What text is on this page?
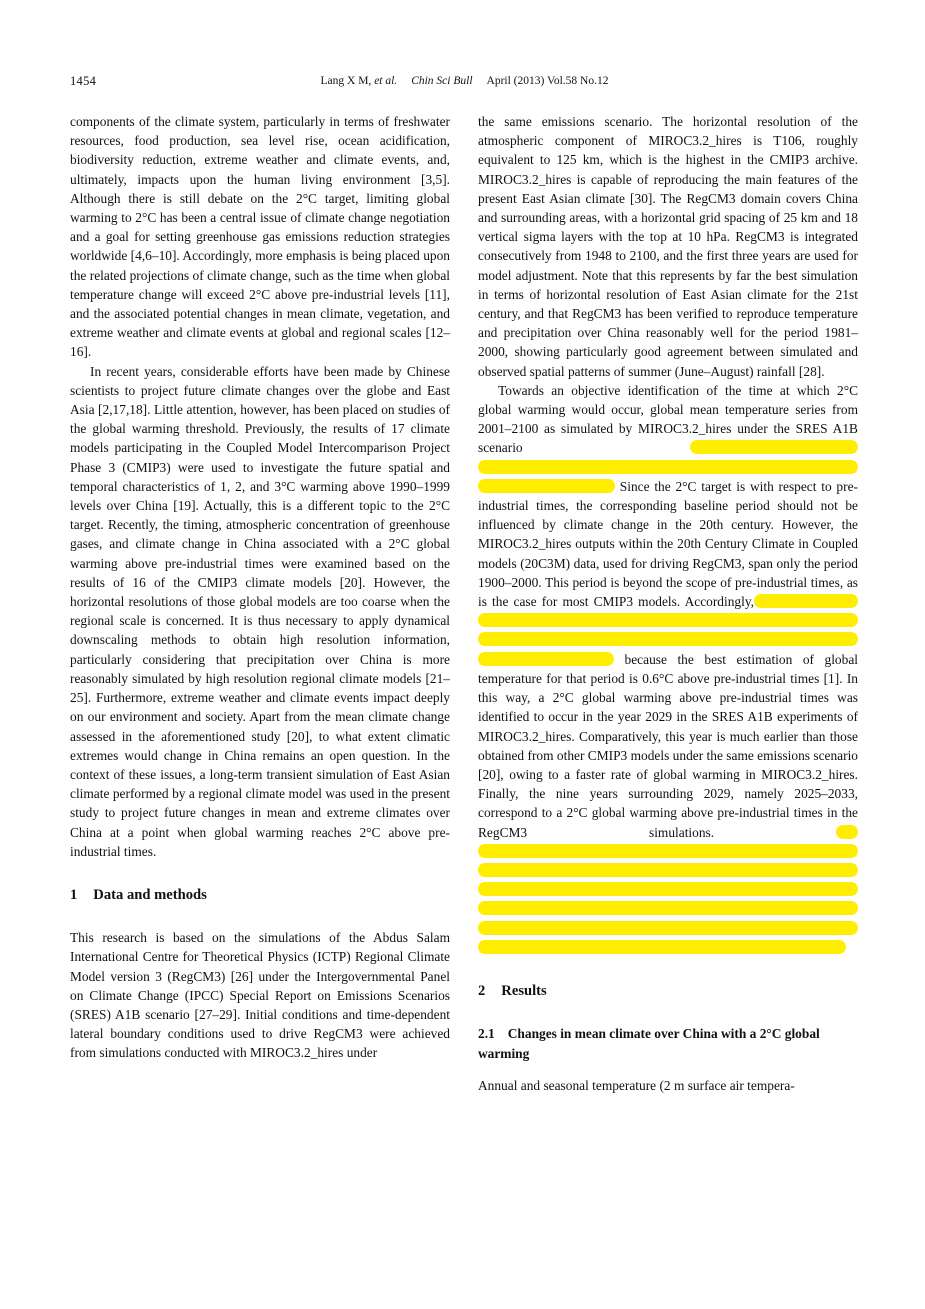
1454	Lang X M, et al. Chin Sci Bull April (2013) Vol.58 No.12

components of the climate system, particularly in terms of freshwater resources, food production, sea level rise, ocean acidification, biodiversity reduction, extreme weather and climate events, and, ultimately, impacts upon the human living environment [3,5]. Although there is still debate on the 2°C target, limiting global warming to 2°C has been a central issue of climate change negotiation and a goal for setting greenhouse gas emissions reduction strategies worldwide [4,6–10]. Accordingly, more emphasis is being placed upon the related projections of climate change, such as the time when global temperature change will exceed 2°C above pre-industrial levels [11], and the associated potential changes in mean climate, vegetation, and extreme weather and climate events at global and regional scales [12–16].

In recent years, considerable efforts have been made by Chinese scientists to project future climate changes over the globe and East Asia [2,17,18]. Little attention, however, has been placed on studies of the global warming threshold. Previously, the results of 17 climate models participating in the Coupled Model Intercomparison Project Phase 3 (CMIP3) were used to investigate the future spatial and temporal characteristics of 1, 2, and 3°C warming above 1990–1999 levels over China [19]. Actually, this is a different topic to the 2°C target. Recently, the timing, atmospheric concentration of greenhouse gases, and climate change in China associated with a 2°C global warming above pre-industrial times were examined based on the results of 16 of the CMIP3 climate models [20]. However, the horizontal resolutions of those global models are too coarse when the regional scale is concerned. It is thus necessary to apply dynamical downscaling methods to obtain high resolution information, particularly considering that precipitation over China is more reasonably simulated by high resolution regional climate models [21–25]. Furthermore, extreme weather and climate events impact deeply on our environment and society. Apart from the mean climate change assessed in the aforementioned study [20], to what extent climatic extremes would change in China remains an open question. In the context of these issues, a long-term transient simulation of East Asian climate performed by a regional climate model was used in the present study to project future changes in mean and extreme climates over China at a point when global warming reaches 2°C above pre-industrial times.

1 Data and methods

This research is based on the simulations of the Abdus Salam International Centre for Theoretical Physics (ICTP) Regional Climate Model version 3 (RegCM3) [26] under the Intergovernmental Panel on Climate Change (IPCC) Special Report on Emissions Scenarios (SRES) A1B scenario [27–29]. Initial conditions and time-dependent lateral boundary conditions used to drive RegCM3 were achieved from simulations conducted with MIROC3.2_hires under

the same emissions scenario. The horizontal resolution of the atmospheric component of MIROC3.2_hires is T106, roughly equivalent to 125 km, which is the highest in the CMIP3 archive. MIROC3.2_hires is capable of reproducing the main features of the present East Asian climate [30]. The RegCM3 domain covers China and surrounding areas, with a horizontal grid spacing of 25 km and 18 vertical sigma layers with the top at 10 hPa. RegCM3 is integrated consecutively from 1948 to 2100, and the first three years are used for model adjustment. Note that this represents by far the best simulation in terms of horizontal resolution of East Asian climate for the 21st century, and that RegCM3 has been verified to reproduce temperature and precipitation over China reasonably well for the period 1981–2000, showing particularly good agreement between simulated and observed spatial patterns of summer (June–August) rainfall [28].

Towards an objective identification of the time at which 2°C global warming would occur, global mean temperature series from 2001–2100 as simulated by MIROC3.2_hires under the SRES A1B scenario  Since the 2°C target is with respect to pre-industrial times, the corresponding baseline period should not be influenced by climate change in the 20th century. However, the MIROC3.2_hires outputs within the 20th Century Climate in Coupled models (20C3M) data, used for driving RegCM3, span only the period 1900–2000. This period is beyond the scope of pre-industrial times, as is the case for most CMIP3 models. Accordingly, because the best estimation of global temperature for that period is 0.6°C above pre-industrial times [1]. In this way, a 2°C global warming above pre-industrial times was identified to occur in the year 2029 in the SRES A1B experiments of MIROC3.2_hires. Comparatively, this year is much earlier than those obtained from other CMIP3 models under the same emissions scenario [20], owing to a faster rate of global warming in MIROC3.2_hires. Finally, the nine years surrounding 2029, namely 2025–2033, correspond to a 2°C global warming above pre-industrial times in the RegCM3 simulations.

2 Results
2.1 Changes in mean climate over China with a 2°C global warming

Annual and seasonal temperature (2 m surface air tempera-
